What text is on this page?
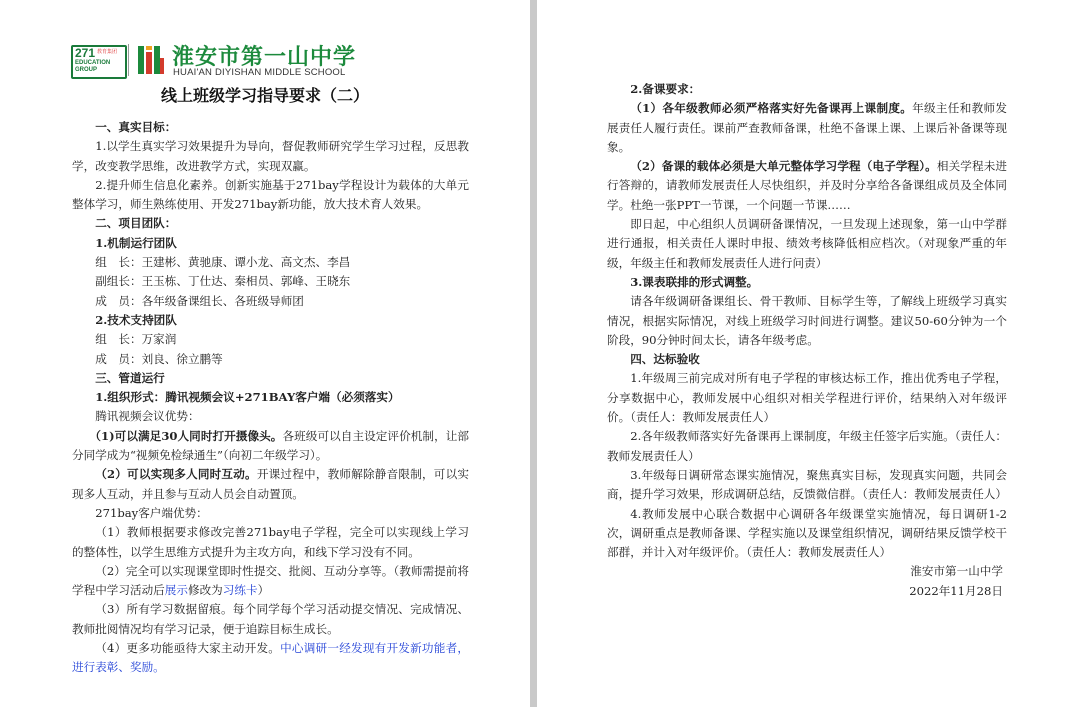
271 教育集团
EDUCATION
GROUP	淮安市第一山中学
HUAI'AN DIYISHAN MIDDLE SCHOOL
线上班级学习指导要求（二）

一、真实目标：

1.以学生真实学习效果提升为导向，督促教师研究学生学习过程，反思教学，改变教学思维，改进教学方式，实现双赢。

2.提升师生信息化素养。创新实施基于271bay学程设计为载体的大单元整体学习，师生熟练使用、开发271bay新功能，放大技术育人效果。

二、项目团队：

1.机制运行团队

组　长：王建彬、黄驰康、谭小龙、高文杰、李昌

副组长：王玉栋、丁仕达、秦相员、郭峰、王晓东

成　员：各年级备课组长、各班级导师团

2.技术支持团队

组　长：万家润

成　员：刘良、徐立鹏等

三、管道运行

1.组织形式：腾讯视频会议+271BAY客户端（必须落实）

腾讯视频会议优势：

（1)可以满足30人同时打开摄像头。各班级可以自主设定评价机制，让部分同学成为“视频免检绿通生”（向初二年级学习）。

（2）可以实现多人同时互动。开课过程中，教师解除静音限制，可以实现多人互动，并且参与互动人员会自动置顶。

271bay客户端优势：

（1）教师根据要求修改完善271bay电子学程，完全可以实现线上学习的整体性，以学生思维方式提升为主攻方向，和线下学习没有不同。

（2）完全可以实现课堂即时性提交、批阅、互动分享等。（教师需提前将学程中学习活动后展示修改为习练卡）

（3）所有学习数据留痕。每个同学每个学习活动提交情况、完成情况、教师批阅情况均有学习记录，便于追踪目标生成长。

（4）更多功能亟待大家主动开发。中心调研一经发现有开发新功能者，进行表彰、奖励。

2.备课要求：

（1）各年级教师必须严格落实好先备课再上课制度。年级主任和教师发展责任人履行责任。课前严查教师备课，杜绝不备课上课、上课后补备课等现象。

（2）备课的载体必须是大单元整体学习学程（电子学程）。相关学程未进行答辩的，请教师发展责任人尽快组织，并及时分享给各备课组成员及全体同学。杜绝一张PPT一节课，一个问题一节课……

即日起，中心组织人员调研备课情况，一旦发现上述现象，第一山中学群进行通报，相关责任人课时申报、绩效考核降低相应档次。（对现象严重的年级，年级主任和教师发展责任人进行问责）

3.课表联排的形式调整。

请各年级调研备课组长、骨干教师、目标学生等，了解线上班级学习真实情况，根据实际情况，对线上班级学习时间进行调整。建议50-60分钟为一个阶段，90分钟时间太长，请各年级考虑。

四、达标验收

1.年级周三前完成对所有电子学程的审核达标工作，推出优秀电子学程，分享数据中心，教师发展中心组织对相关学程进行评价，结果纳入对年级评价。（责任人：教师发展责任人）

2.各年级教师落实好先备课再上课制度，年级主任签字后实施。（责任人：教师发展责任人）

3.年级每日调研常态课实施情况，聚焦真实目标，发现真实问题，共同会商，提升学习效果，形成调研总结，反馈微信群。（责任人：教师发展责任人）

4.教师发展中心联合数据中心调研各年级课堂实施情况，每日调研1-2次，调研重点是教师备课、学程实施以及课堂组织情况，调研结果反馈学校干部群，并计入对年级评价。（责任人：教师发展责任人）

淮安市第一山中学

2022年11月28日
